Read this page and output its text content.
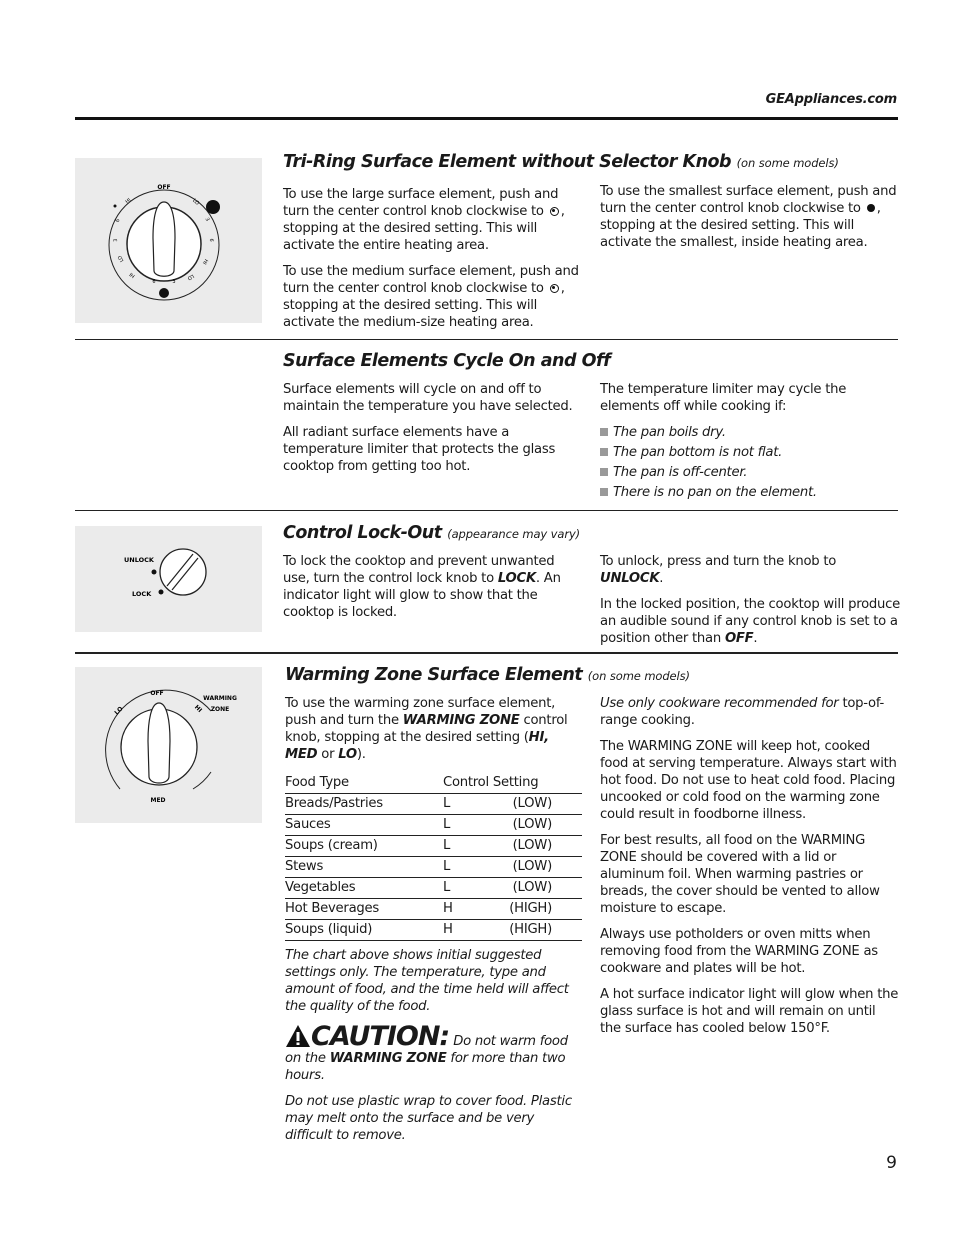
GEAppliances.com
OFF
HI
6
3
LO
HI
6	3
LO
HI
6
3
LO
Tri-Ring Surface Element without Selector Knob (on some models)

To use the large surface element, push and turn the center control knob clockwise to , stopping at the desired setting. This will activate the entire heating area.

To use the medium surface element, push and turn the center control knob clockwise to , stopping at the desired setting. This will activate the medium-size heating area.

To use the smallest surface element, push and turn the center control knob clockwise to , stopping at the desired setting. This will activate the smallest, inside heating area.

Surface Elements Cycle On and Off

Surface elements will cycle on and off to maintain the temperature you have selected.

All radiant surface elements have a temperature limiter that protects the glass cooktop from getting too hot.

The temperature limiter may cycle the elements off while cooking if:

The pan boils dry.
The pan bottom is not flat.
The pan is off-center.
There is no pan on the element.
UNLOCK
LOCK
Control Lock-Out (appearance may vary)

To lock the cooktop and prevent unwanted use, turn the control lock knob to LOCK. An indicator light will glow to show that the cooktop is locked.

To unlock, press and turn the knob to UNLOCK.

In the locked position, the cooktop will produce an audible sound if any control knob is set to a position other than OFF.

OFF
LO	HI
WARMING
ZONE
MED
Warming Zone Surface Element (on some models)

To use the warming zone surface element, push and turn the WARMING ZONE control knob, stopping at the desired setting (HI, MED or LO).

Food Type	Control Setting	
Breads/Pastries	L	(LOW)
Sauces	L	(LOW)
Soups (cream)	L	(LOW)
Stews	L	(LOW)
Vegetables	L	(LOW)
Hot Beverages	H	(HIGH)
Soups (liquid)	H	(HIGH)

The chart above shows initial suggested settings only. The temperature, type and amount of food, and the time held will affect the quality of the food.

CAUTION: Do not warm food on the WARMING ZONE for more than two hours.

Do not use plastic wrap to cover food. Plastic may melt onto the surface and be very difficult to remove.

Use only cookware recommended for top-of-range cooking.

The WARMING ZONE will keep hot, cooked food at serving temperature. Always start with hot food. Do not use to heat cold food. Placing uncooked or cold food on the warming zone could result in foodborne illness.

For best results, all food on the WARMING ZONE should be covered with a lid or aluminum foil. When warming pastries or breads, the cover should be vented to allow moisture to escape.

Always use potholders or oven mitts when removing food from the WARMING ZONE as cookware and plates will be hot.

A hot surface indicator light will glow when the glass surface is hot and will remain on until the surface has cooled below 150°F.

9
